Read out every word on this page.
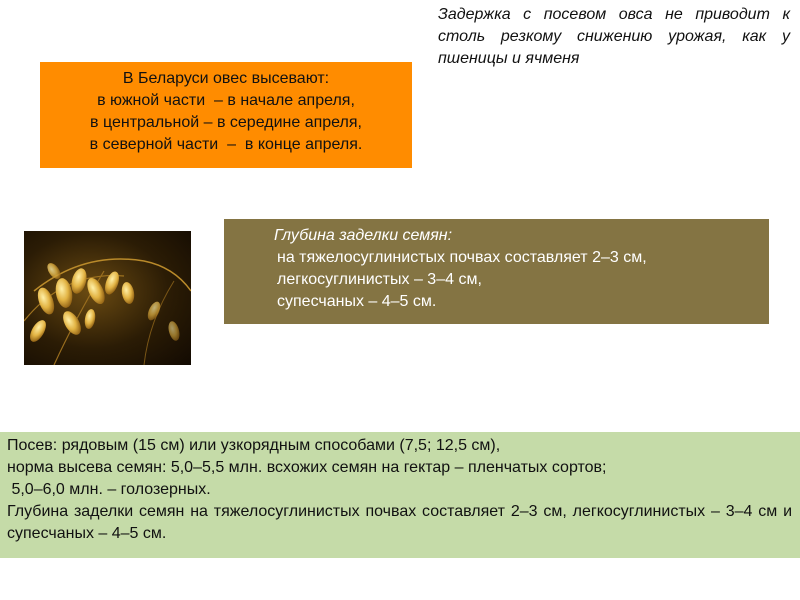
Задержка с посевом овса не приводит к столь резкому снижению урожая, как у пшеницы и ячменя
В Беларуси овес высевают:
в южной части  – в начале апреля,
в центральной – в середине апреля,
в северной части  –  в конце апреля.
Глубина заделки семян:
на тяжелосуглинистых почвах составляет 2–3 см,
легкосуглинистых – 3–4 см,
супесчаных – 4–5 см.
Посев: рядовым (15 см) или узкорядным способами (7,5; 12,5 см),
норма высева семян: 5,0–5,5 млн. всхожих семян на гектар – пленчатых сортов;
5,0–6,0 млн. – голозерных.
Глубина заделки семян на тяжелосуглинистых почвах составляет 2–3 см, легкосуглинистых – 3–4 см и супесчаных – 4–5 см.
